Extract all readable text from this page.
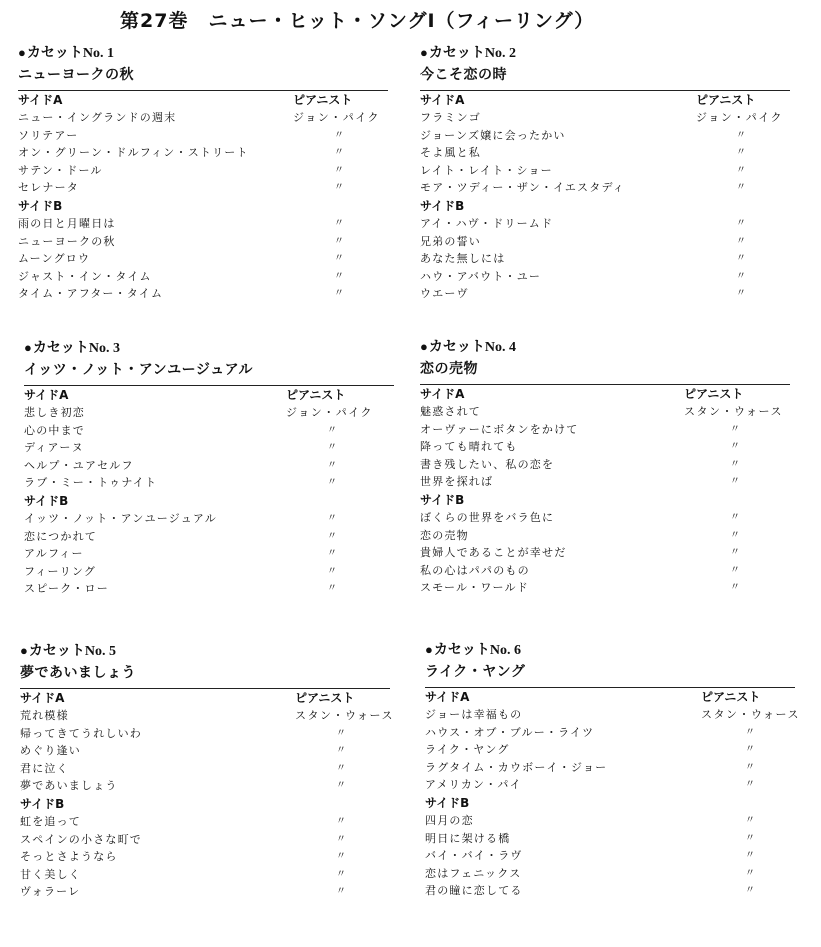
第27巻　ニュー・ヒット・ソングⅠ（フィーリング）
●カセットNo. 1
ニューヨークの秋
サイドA	ピアニスト
ニュー・イングランドの週末	ジョン・パイク
ソリテアー	〃
オン・グリーン・ドルフィン・ストリート	〃
サテン・ドール	〃
セレナータ	〃
サイドB
雨の日と月曜日は	〃
ニューヨークの秋	〃
ムーングロウ	〃
ジャスト・イン・タイム	〃
タイム・アフター・タイム	〃
●カセットNo. 2
今こそ恋の時
サイドA	ピアニスト
フラミンゴ	ジョン・パイク
ジョーンズ嬢に会ったかい	〃
そよ風と私	〃
レイト・レイト・ショー	〃
モア・ツディー・ザン・イエスタディ	〃
サイドB
アイ・ハヴ・ドリームド	〃
兄弟の誓い	〃
あなた無しには	〃
ハウ・アバウト・ユー	〃
ウエーヴ	〃
●カセットNo. 3
イッツ・ノット・アンユージュアル
サイドA	ピアニスト
悲しき初恋	ジョン・パイク
心の中まで	〃
ディアーヌ	〃
ヘルプ・ユアセルフ	〃
ラブ・ミー・トゥナイト	〃
サイドB
イッツ・ノット・アンユージュアル	〃
恋につかれて	〃
アルフィー	〃
フィーリング	〃
スピーク・ロー	〃
●カセットNo. 4
恋の売物
サイドA	ピアニスト
魅惑されて	スタン・ウォース
オーヴァーにボタンをかけて	〃
降っても晴れても	〃
書き残したい、私の恋を	〃
世界を探れば	〃
サイドB
ぼくらの世界をバラ色に	〃
恋の売物	〃
貴婦人であることが幸せだ	〃
私の心はパパのもの	〃
スモール・ワールド	〃
●カセットNo. 5
夢であいましょう
サイドA	ピアニスト
荒れ模様	スタン・ウォース
帰ってきてうれしいわ	〃
めぐり逢い	〃
君に泣く	〃
夢であいましょう	〃
サイドB
虹を追って	〃
スペインの小さな町で	〃
そっとさようなら	〃
甘く美しく	〃
ヴォラーレ	〃
●カセットNo. 6
ライク・ヤング
サイドA	ピアニスト
ジョーは幸福もの	スタン・ウォース
ハウス・オブ・ブルー・ライツ	〃
ライク・ヤング	〃
ラグタイム・カウボーイ・ジョー	〃
アメリカン・パイ	〃
サイドB
四月の恋	〃
明日に架ける橋	〃
バイ・バイ・ラヴ	〃
恋はフェニックス	〃
君の瞳に恋してる	〃
